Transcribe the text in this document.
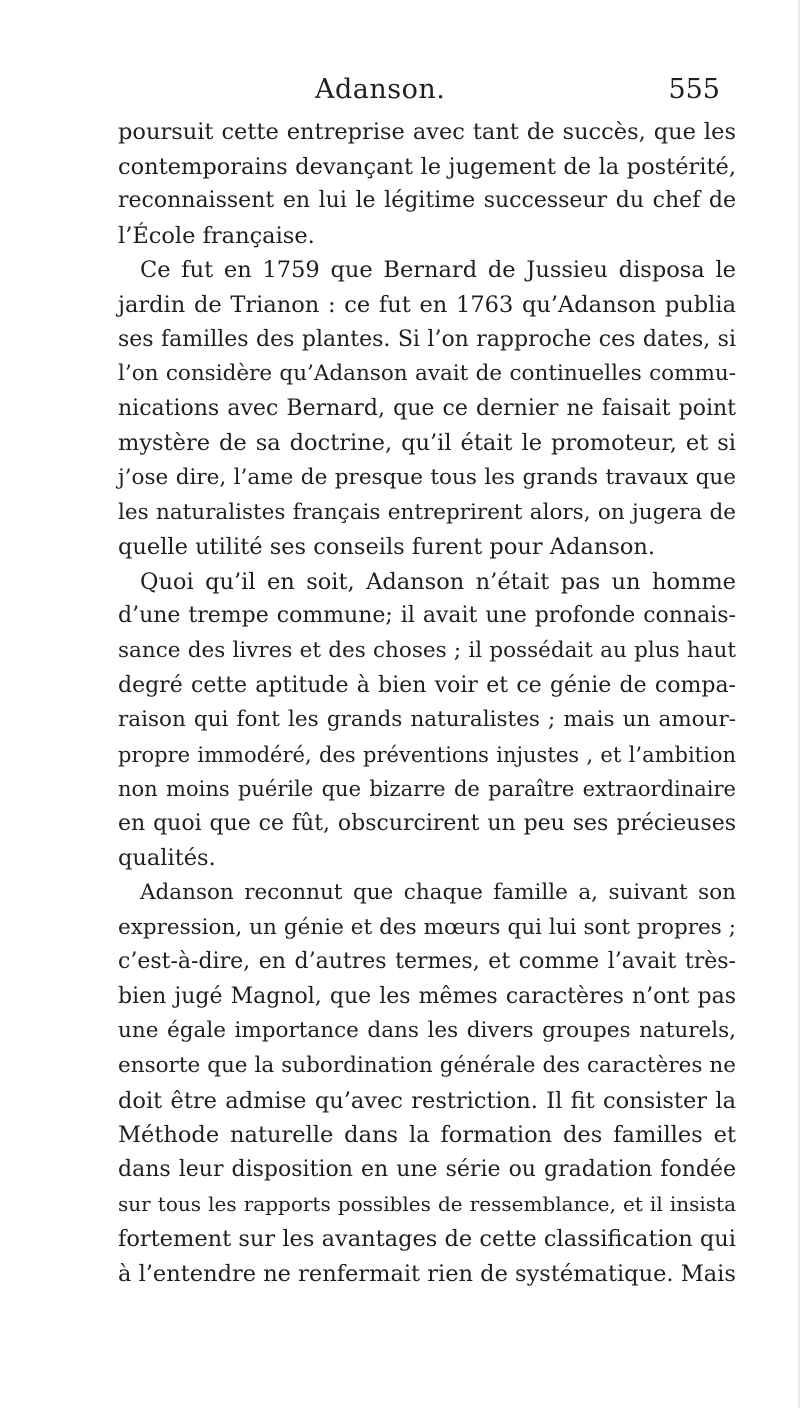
Adanson.	555
poursuit cette entreprise avec tant de succès, que les
contemporains devançant le jugement de la postérité,
reconnaissent en lui le légitime successeur du chef de
l’École française.
Ce fut en 1759 que Bernard de Jussieu disposa le
jardin de Trianon : ce fut en 1763 qu’Adanson publia
ses familles des plantes. Si l’on rapproche ces dates, si
l’on considère qu’Adanson avait de continuelles commu-
nications avec Bernard, que ce dernier ne faisait point
mystère de sa doctrine, qu’il était le promoteur, et si
j’ose dire, l’ame de presque tous les grands travaux que
les naturalistes français entreprirent alors, on jugera de
quelle utilité ses conseils furent pour Adanson.
Quoi qu’il en soit, Adanson n’était pas un homme
d’une trempe commune; il avait une profonde connais-
sance des livres et des choses ; il possédait au plus haut
degré cette aptitude à bien voir et ce génie de compa-
raison qui font les grands naturalistes ; mais un amour-
propre immodéré, des préventions injustes , et l’ambition
non moins puérile que bizarre de paraître extraordinaire
en quoi que ce fût, obscurcirent un peu ses précieuses
qualités.
Adanson reconnut que chaque famille a, suivant son
expression, un génie et des mœurs qui lui sont propres ;
c’est-à-dire, en d’autres termes, et comme l’avait très-
bien jugé Magnol, que les mêmes caractères n’ont pas
une égale importance dans les divers groupes naturels,
ensorte que la subordination générale des caractères ne
doit être admise qu’avec restriction. Il fit consister la
Méthode naturelle dans la formation des familles et
dans leur disposition en une série ou gradation fondée
sur tous les rapports possibles de ressemblance, et il insista
fortement sur les avantages de cette classification qui
à l’entendre ne renfermait rien de systématique. Mais
